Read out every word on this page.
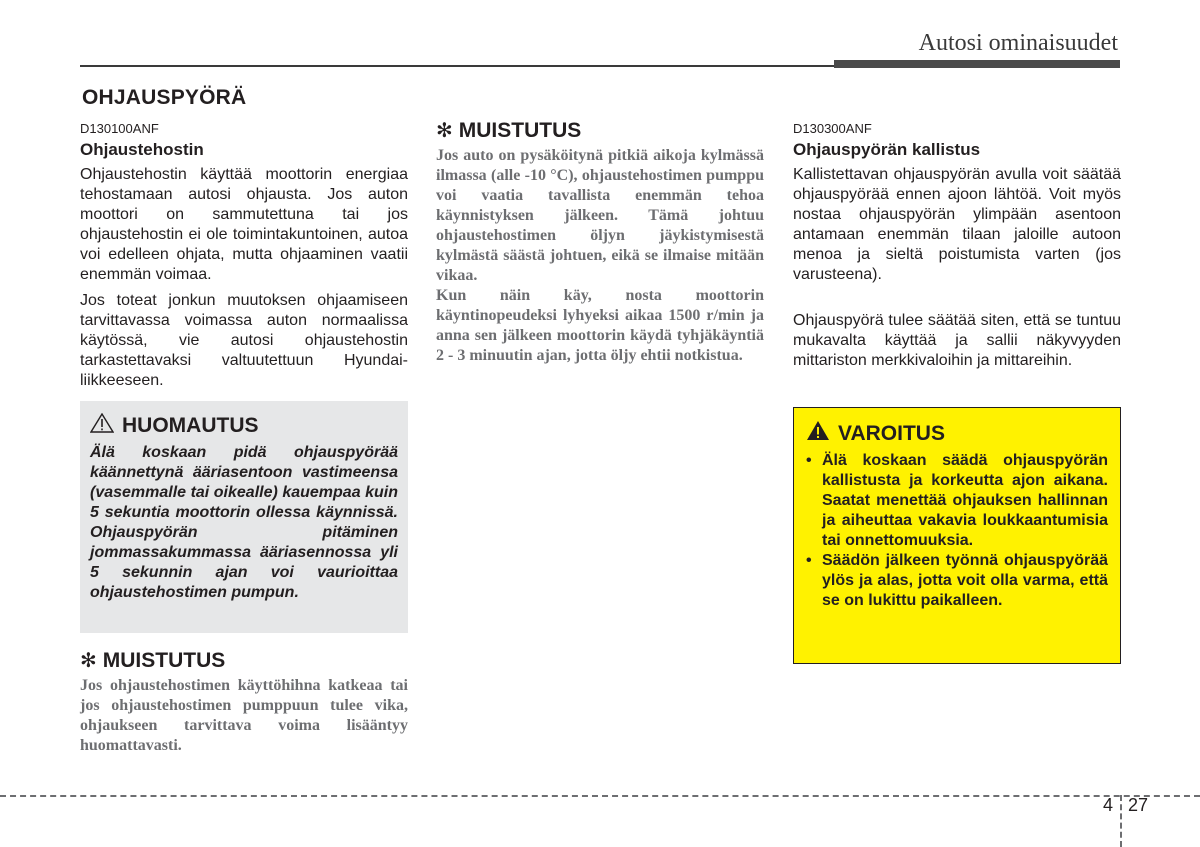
Autosi ominaisuudet
OHJAUSPYÖRÄ
D130100ANF
Ohjaustehostin

Ohjaustehostin käyttää moottorin energiaa tehostamaan autosi ohjausta. Jos auton moottori on sammutettuna tai jos ohjaustehostin ei ole toimintakuntoinen, autoa voi edelleen ohjata, mutta ohjaaminen vaatii enemmän voimaa.

Jos toteat jonkun muutoksen ohjaamiseen tarvittavassa voimassa auton normaalissa käytössä, vie autosi ohjaustehostin tarkastettavaksi valtuutettuun Hyundai-liikkeeseen.

HUOMAUTUS
Älä koskaan pidä ohjauspyörää käännettynä ääriasentoon vastimeensa (vasemmalle tai oikealle) kauempaa kuin 5 sekuntia moottorin ollessa käynnissä. Ohjauspyörän pitäminen jommassakummassa ääriasennossa yli 5 sekunnin ajan voi vaurioittaa ohjaustehostimen pumpun.
✻ MUISTUTUS
Jos ohjaustehostimen käyttöhihna katkeaa tai jos ohjaustehostimen pumppuun tulee vika, ohjaukseen tarvittava voima lisääntyy huomattavasti.
✻ MUISTUTUS

Jos auto on pysäköitynä pitkiä aikoja kylmässä ilmassa (alle -10 °C), ohjaustehostimen pumppu voi vaatia tavallista enemmän tehoa käynnistyksen jälkeen. Tämä johtuu ohjaustehostimen öljyn jäykistymisestä kylmästä säästä johtuen, eikä se ilmaise mitään vikaa.

Kun näin käy, nosta moottorin käyntinopeudeksi lyhyeksi aikaa 1500 r/min ja anna sen jälkeen moottorin käydä tyhjäkäyntiä 2 - 3 minuutin ajan, jotta öljy ehtii notkistua.

D130300ANF
Ohjauspyörän kallistus

Kallistettavan ohjauspyörän avulla voit säätää ohjauspyörää ennen ajoon lähtöä. Voit myös nostaa ohjauspyörän ylimpään asentoon antamaan enemmän tilaan jaloille autoon menoa ja sieltä poistumista varten (jos varusteena).

Ohjauspyörä tulee säätää siten, että se tuntuu mukavalta käyttää ja sallii näkyvyyden mittariston merkkivaloihin ja mittareihin.

VAROITUS
• Älä koskaan säädä ohjauspyörän kallistusta ja korkeutta ajon aikana. Saatat menettää ohjauksen hallinnan ja aiheuttaa vakavia loukkaantumisia tai onnettomuuksia.
• Säädön jälkeen työnnä ohjauspyörää ylös ja alas, jotta voit olla varma, että se on lukittu paikalleen.
4 27
